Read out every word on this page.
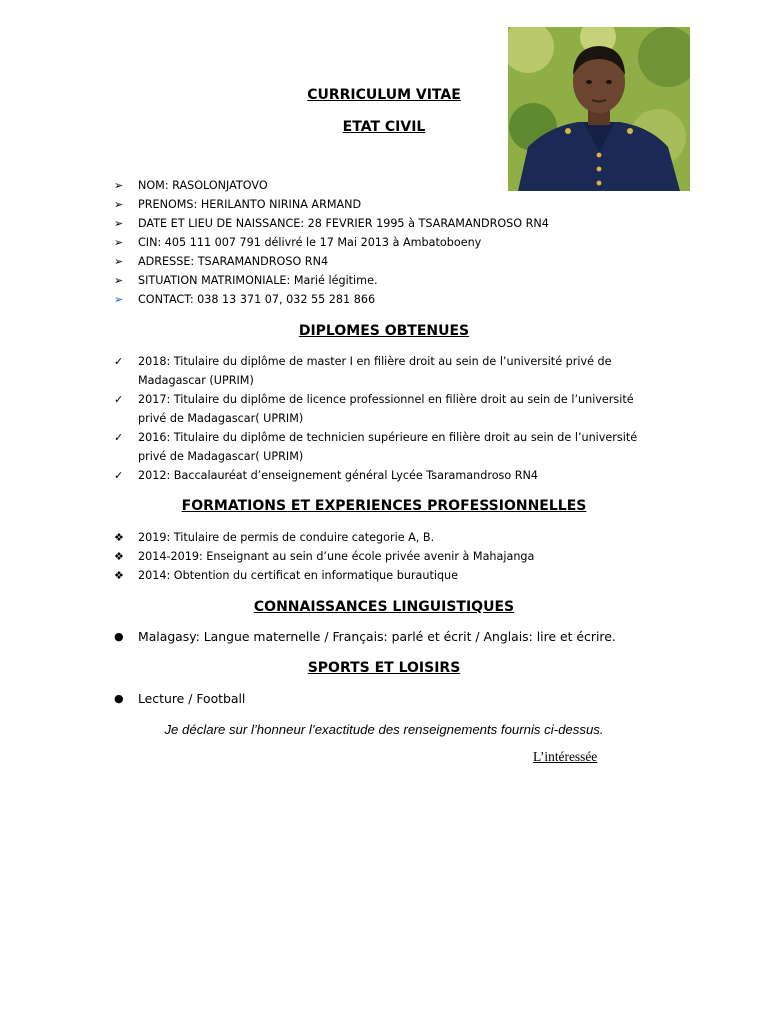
CURRICULUM VITAE
ETAT CIVIL
➢	NOM: RASOLONJATOVO
➢	PRENOMS: HERILANTO NIRINA ARMAND
➢	DATE ET LIEU DE NAISSANCE: 28 FEVRIER 1995 à TSARAMANDROSO RN4
➢	CIN: 405 111 007 791 délivré le 17 Mai 2013 à Ambatoboeny
➢	ADRESSE: TSARAMANDROSO RN4
➢	SITUATION MATRIMONIALE: Marié légitime.
➢	CONTACT: 038 13 371 07, 032 55 281 866
DIPLOMES OBTENUES
✓	2018: Titulaire du diplôme de master I en filière droit au sein de l’université privé de
Madagascar (UPRIM)
✓	2017: Titulaire du diplôme de licence professionnel en filière droit au sein de l’université
privé de Madagascar( UPRIM)
✓	2016: Titulaire du diplôme de technicien supérieure en filière droit au sein de l’université
privé de Madagascar( UPRIM)
✓	2012: Baccalauréat d’enseignement général Lycée Tsaramandroso RN4
FORMATIONS ET EXPERIENCES PROFESSIONNELLES
❖	2019: Titulaire de permis de conduire categorie A, B.
❖	2014-2019: Enseignant au sein d’une école privée avenir à Mahajanga
❖	2014: Obtention du certificat en informatique burautique
CONNAISSANCES LINGUISTIQUES
●	Malagasy: Langue maternelle / Français: parlé et écrit / Anglais: lire et écrire.
SPORTS ET LOISIRS
●	Lecture / Football
Je déclare sur l’honneur l’exactitude des renseignements fournis ci-dessus.
L’intéressée
